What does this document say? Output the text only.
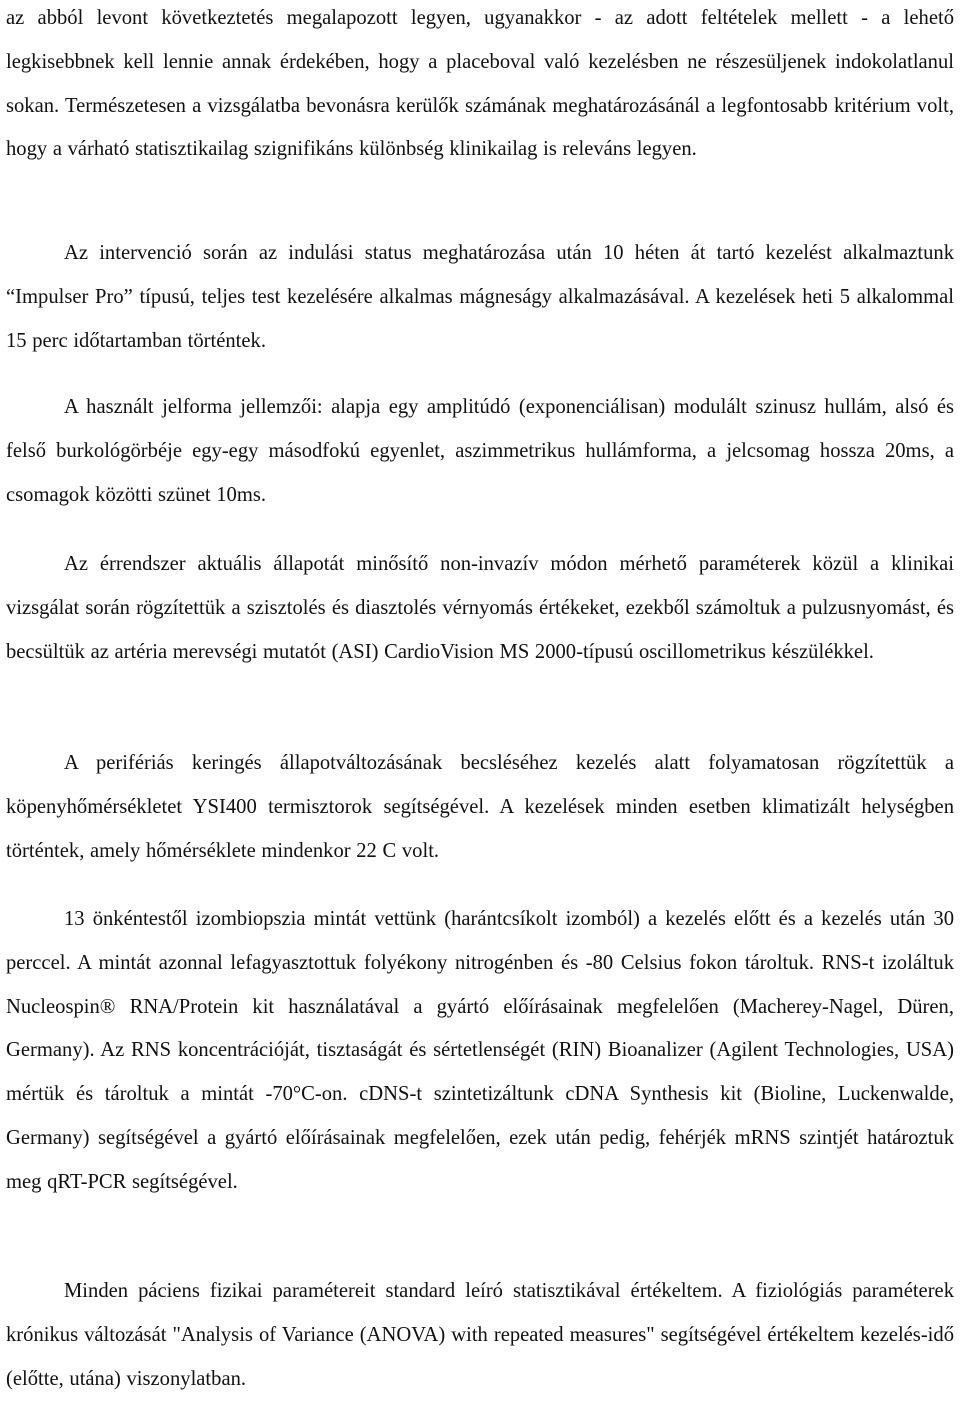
az abból levont következtetés megalapozott legyen, ugyanakkor - az adott feltételek mellett - a lehető legkisebbnek kell lennie annak érdekében, hogy a placeboval való kezelésben ne részesüljenek indokolatlanul sokan. Természetesen a vizsgálatba bevonásra kerülők számának meghatározásánál a legfontosabb kritérium volt, hogy a várható statisztikailag szignifikáns különbség klinikailag is releváns legyen.

Az intervenció során az indulási status meghatározása után 10 héten át tartó kezelést alkalmaztunk “Impulser Pro” típusú, teljes test kezelésére alkalmas mágneságy alkalmazásával. A kezelések heti 5 alkalommal 15 perc időtartamban történtek.

A használt jelforma jellemzői: alapja egy amplitúdó (exponenciálisan) modulált szinusz hullám, alsó és felső burkológörbéje egy-egy másodfokú egyenlet, aszimmetrikus hullámforma, a jelcsomag hossza 20ms, a csomagok közötti szünet 10ms.

Az érrendszer aktuális állapotát minősítő non-invazív módon mérhető paraméterek közül a klinikai vizsgálat során rögzítettük a szisztolés és diasztolés vérnyomás értékeket, ezekből számoltuk a pulzusnyomást, és becsültük az artéria merevségi mutatót (ASI) CardioVision MS 2000-típusú oscillometrikus készülékkel.

A perifériás keringés állapotváltozásának becsléséhez kezelés alatt folyamatosan rögzítettük a köpenyhőmérsékletet YSI400 termisztorok segítségével. A kezelések minden esetben klimatizált helységben történtek, amely hőmérséklete mindenkor 22 C volt.

13 önkéntestől izombiopszia mintát vettünk (harántcsíkolt izomból) a kezelés előtt és a kezelés után 30 perccel. A mintát azonnal lefagyasztottuk folyékony nitrogénben és -80 Celsius fokon tároltuk. RNS-t izoláltuk Nucleospin® RNA/Protein kit használatával a gyártó előírásainak megfelelően (Macherey-Nagel, Düren, Germany). Az RNS koncentrációját, tisztaságát és sértetlenségét (RIN) Bioanalizer (Agilent Technologies, USA) mértük és tároltuk a mintát -70°C-on. cDNS-t szintetizáltunk cDNA Synthesis kit (Bioline, Luckenwalde, Germany) segítségével a gyártó előírásainak megfelelően, ezek után pedig, fehérjék mRNS szintjét határoztuk meg qRT-PCR segítségével.

Minden páciens fizikai paramétereit standard leíró statisztikával értékeltem. A fiziológiás paraméterek krónikus változását "Analysis of Variance (ANOVA) with repeated measures" segítségével értékeltem kezelés-idő (előtte, utána) viszonylatban.
